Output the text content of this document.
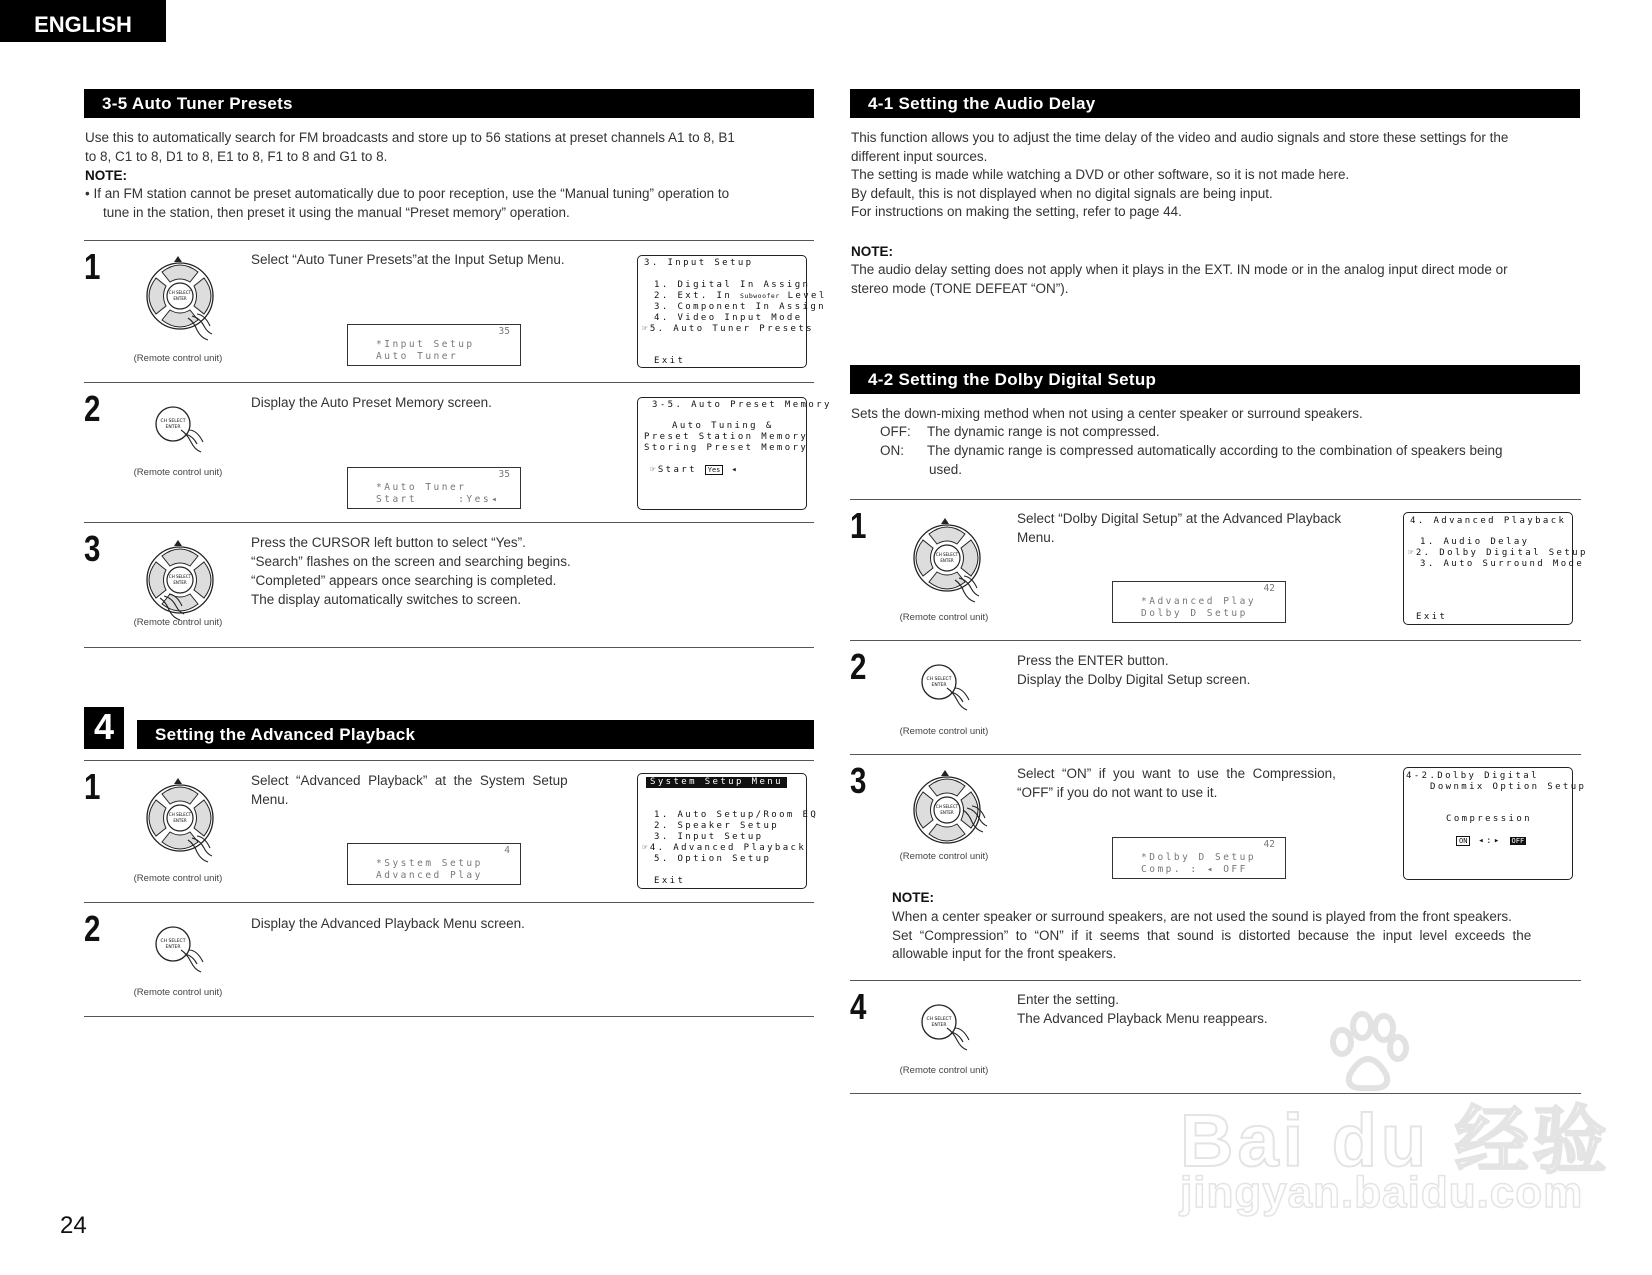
ENGLISH
3-5 Auto Tuner Presets
Use this to automatically search for FM broadcasts and store up to 56 stations at preset channels A1 to 8, B1
to 8, C1 to 8, D1 to 8, E1 to 8, F1 to 8 and G1 to 8.
NOTE:
• If an FM station cannot be preset automatically due to poor reception, use the “Manual tuning” operation to
tune in the station, then preset it using the manual “Preset memory” operation.
1
(Remote control unit)
Select “Auto Tuner Presets”at the Input Setup Menu.
35
*Input Setup
Auto Tuner
3. Input Setup
1. Digital In Assign
2. Ext. In Subwoofer Level
3. Component In Assign
4. Video Input Mode
☞5. Auto Tuner Presets
Exit
2
(Remote control unit)
Display the Auto Preset Memory screen.
35
*Auto Tuner
Start     :Yes◂
3-5. Auto Preset Memory
Auto Tuning &
Preset Station Memory
Storing Preset Memory
☞Start Yes ◂
3
(Remote control unit)
Press the CURSOR left button to select “Yes”.
“Search” flashes on the screen and searching begins.
“Completed” appears once searching is completed.
The display automatically switches to screen.
4	Setting the Advanced Playback
1
(Remote control unit)
Select  “Advanced  Playback”  at  the  System  Setup
Menu.
4
*System Setup
Advanced Play
System Setup Menu
1. Auto Setup/Room EQ
2. Speaker Setup
3. Input Setup
☞4. Advanced Playback
5. Option Setup
Exit
2
(Remote control unit)
Display the Advanced Playback Menu screen.
24
4-1 Setting the Audio Delay
This function allows you to adjust the time delay of the video and audio signals and store these settings for the
different input sources.
The setting is made while watching a DVD or other software, so it is not made here.
By default, this is not displayed when no digital signals are being input.
For instructions on making the setting, refer to page 44.
NOTE:
The audio delay setting does not apply when it plays in the EXT. IN mode or in the analog input direct mode or
stereo mode (TONE DEFEAT “ON”).
4-2 Setting the Dolby Digital Setup
Sets the down-mixing method when not using a center speaker or surround speakers.
OFF: The dynamic range is not compressed.
ON: The dynamic range is compressed automatically according to the combination of speakers being
used.
1
(Remote control unit)
Select “Dolby Digital Setup” at the Advanced Playback
Menu.
42
*Advanced Play
Dolby D Setup
4. Advanced Playback
1. Audio Delay
☞2. Dolby Digital Setup
3. Auto Surround Mode
Exit
2
(Remote control unit)
Press the ENTER button.
Display the Dolby Digital Setup screen.
3
(Remote control unit)
Select  “ON”  if  you  want  to  use  the  Compression,
“OFF” if you do not want to use it.
42
*Dolby D Setup
Comp. : ◂ OFF
4-2.Dolby Digital
Downmix Option Setup
Compression
ON ◂:▸ OFF
NOTE:
When a center speaker or surround speakers, are not used the sound is played from the front speakers.
Set  “Compression”  to  “ON”  if  it  seems  that  sound  is  distorted  because  the  input  level  exceeds  the
allowable input for the front speakers.
4
(Remote control unit)
Enter the setting.
The Advanced Playback Menu reappears.
Bai du 经验
jingyan.baidu.com
